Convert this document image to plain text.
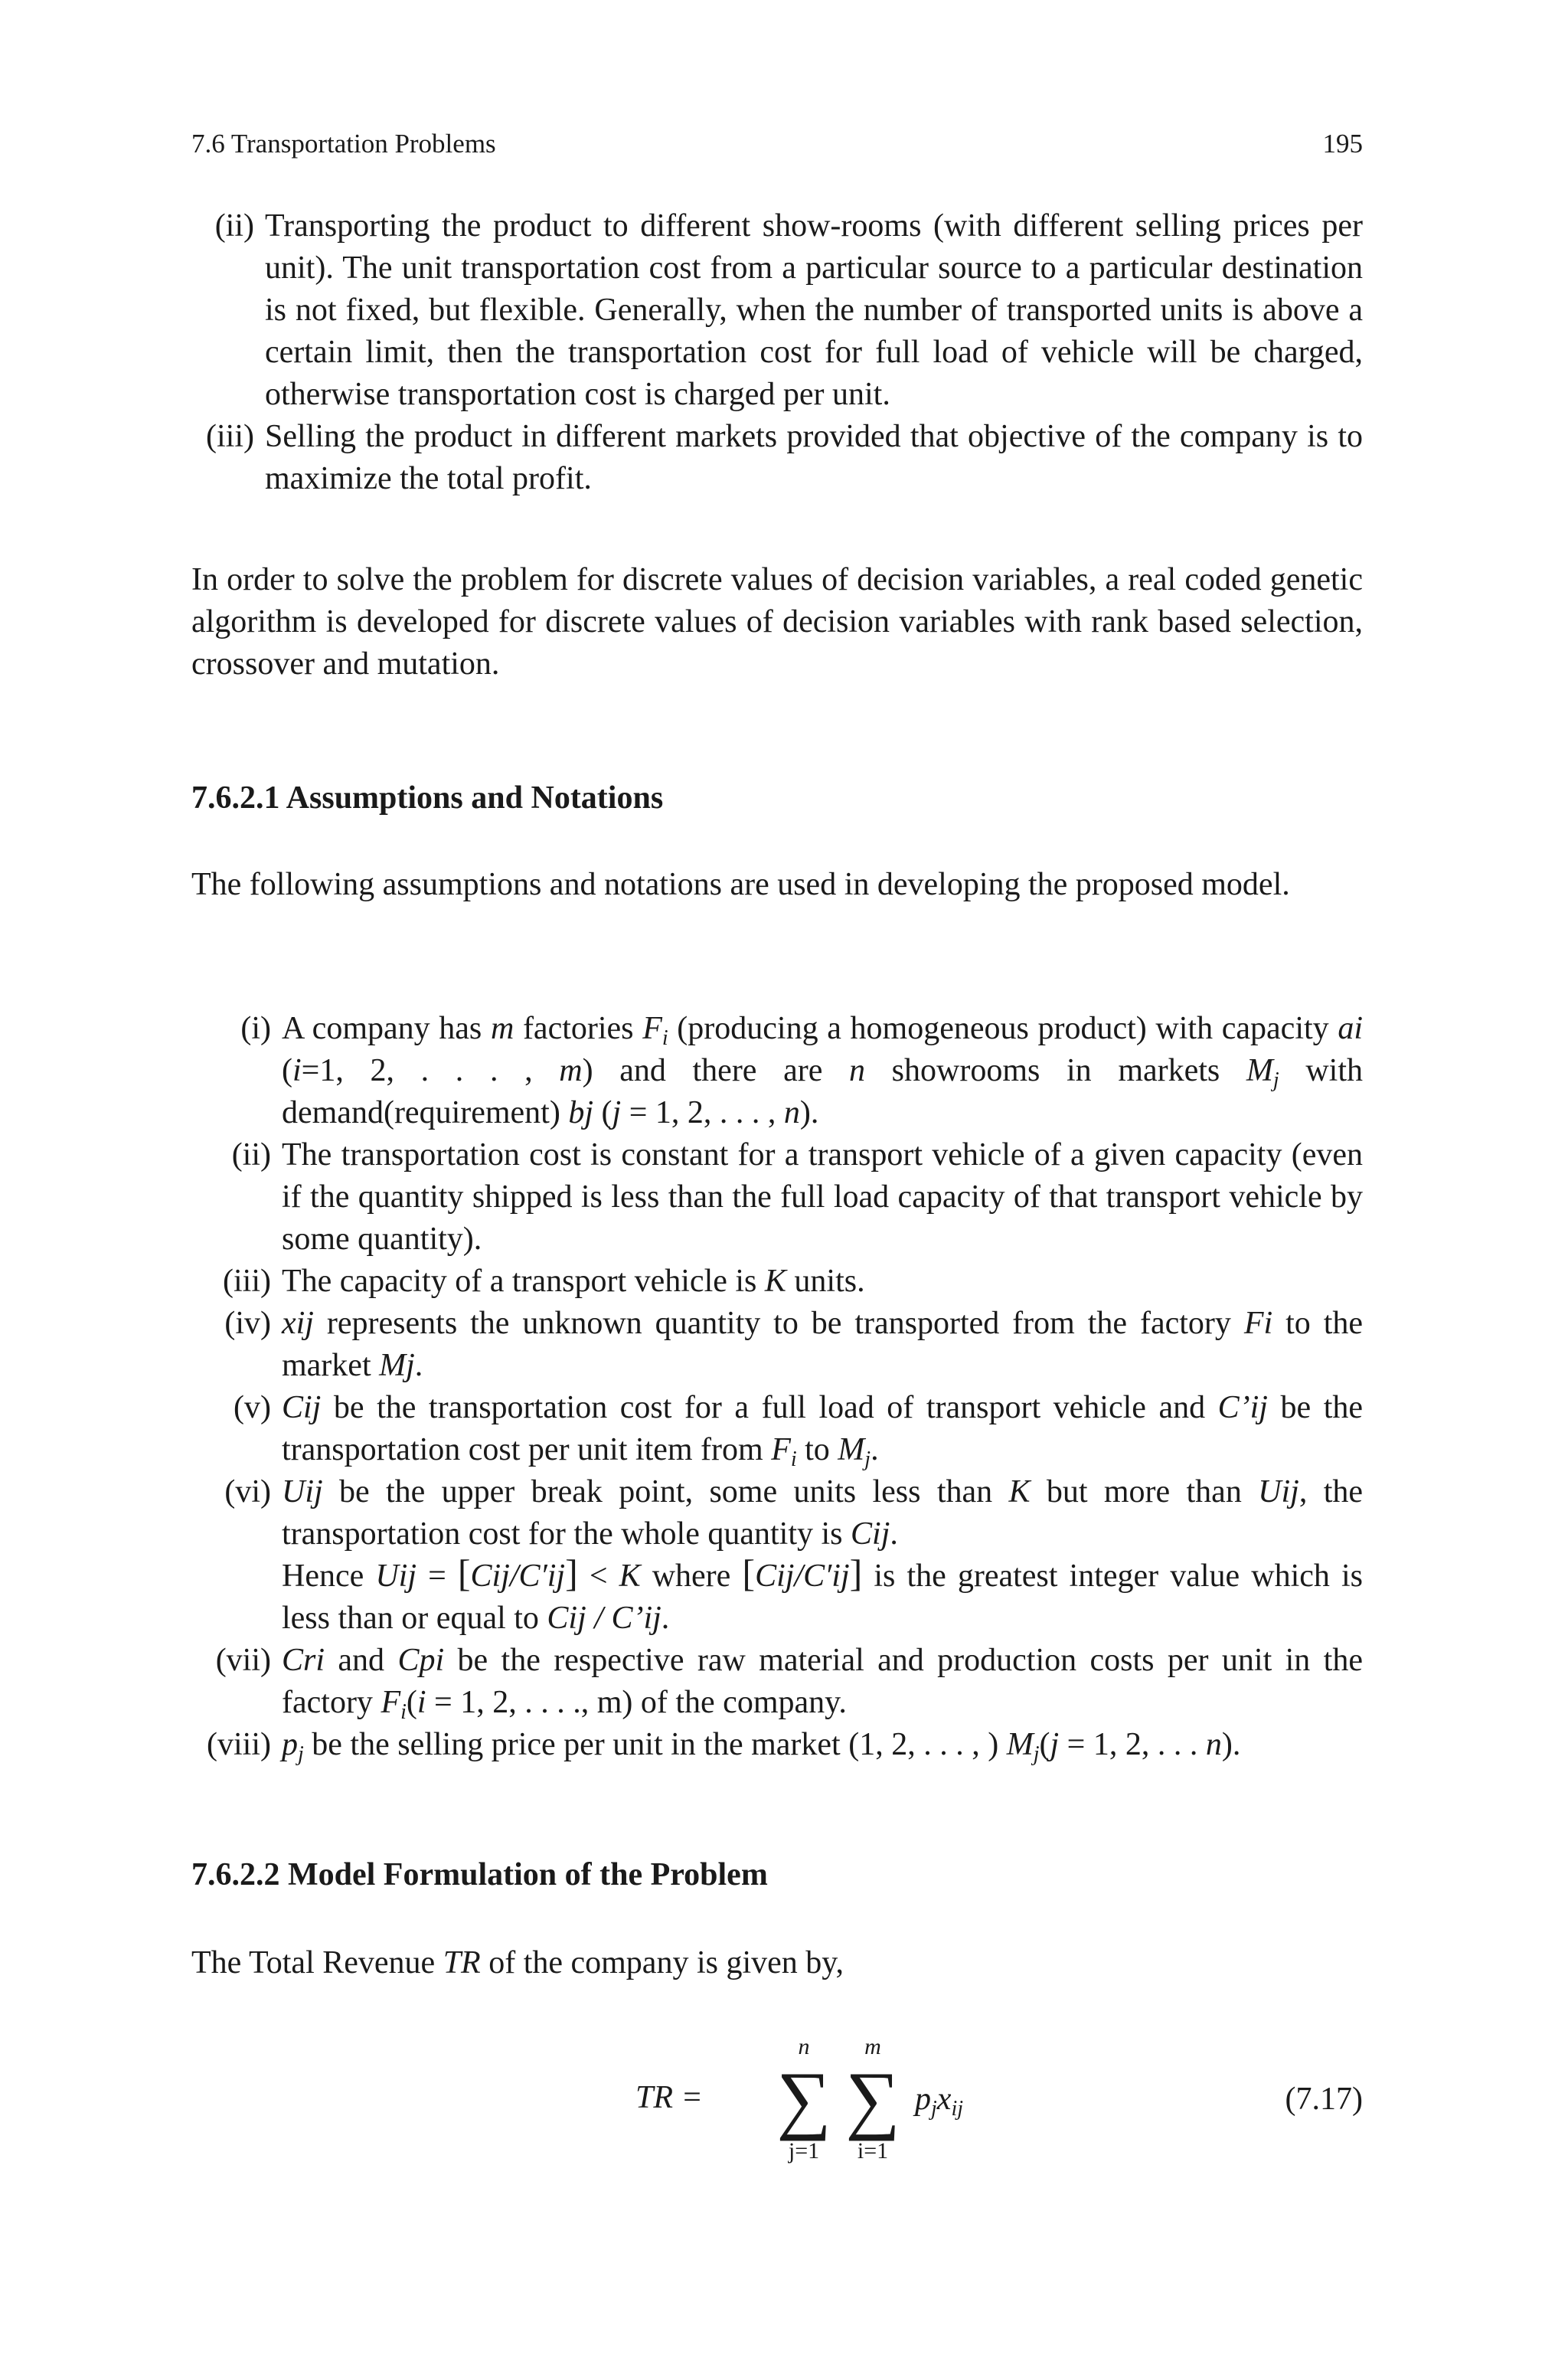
7.6 Transportation Problems	195
(ii) Transporting the product to different show-rooms (with different selling prices per unit). The unit transportation cost from a particular source to a particular destination is not fixed, but flexible. Generally, when the number of transported units is above a certain limit, then the transportation cost for full load of vehicle will be charged, otherwise transportation cost is charged per unit.
(iii) Selling the product in different markets provided that objective of the company is to maximize the total profit.
In order to solve the problem for discrete values of decision variables, a real coded genetic algorithm is developed for discrete values of decision variables with rank based selection, crossover and mutation.
7.6.2.1 Assumptions and Notations
The following assumptions and notations are used in developing the proposed model.
(i) A company has m factories $F_i$ (producing a homogeneous product) with capacity ai (i=1, 2, . . . , m) and there are n showrooms in markets $M_j$ with demand(requirement) bj (j = 1, 2, . . . , n).
(ii) The transportation cost is constant for a transport vehicle of a given capacity (even if the quantity shipped is less than the full load capacity of that transport vehicle by some quantity).
(iii) The capacity of a transport vehicle is K units.
(iv) xij represents the unknown quantity to be transported from the factory Fi to the market Mj.
(v) Cij be the transportation cost for a full load of transport vehicle and C’ij be the transportation cost per unit item from $F_i$ to $M_j$.
(vi) Uij be the upper break point, some units less than K but more than Uij, the transportation cost for the whole quantity is Cij.
Hence Uij = [Cij/C′ij] < K where [Cij/C′ij] is the greatest integer value which is less than or equal to Cij / C’ij.
(vii) Cri and Cpi be the respective raw material and production costs per unit in the factory $F_i(i = 1$, 2, . . . ., m) of the company.
(viii) $p_j$ be the selling price per unit in the market (1, 2, . . . , ) $M_j(j = 1$, 2, . . . n).
7.6.2.2 Model Formulation of the Problem
The Total Revenue TR of the company is given by,
TR =
n
∑
j=1
m
∑
i=1
$p_jx_{ij}$	(7.17)
